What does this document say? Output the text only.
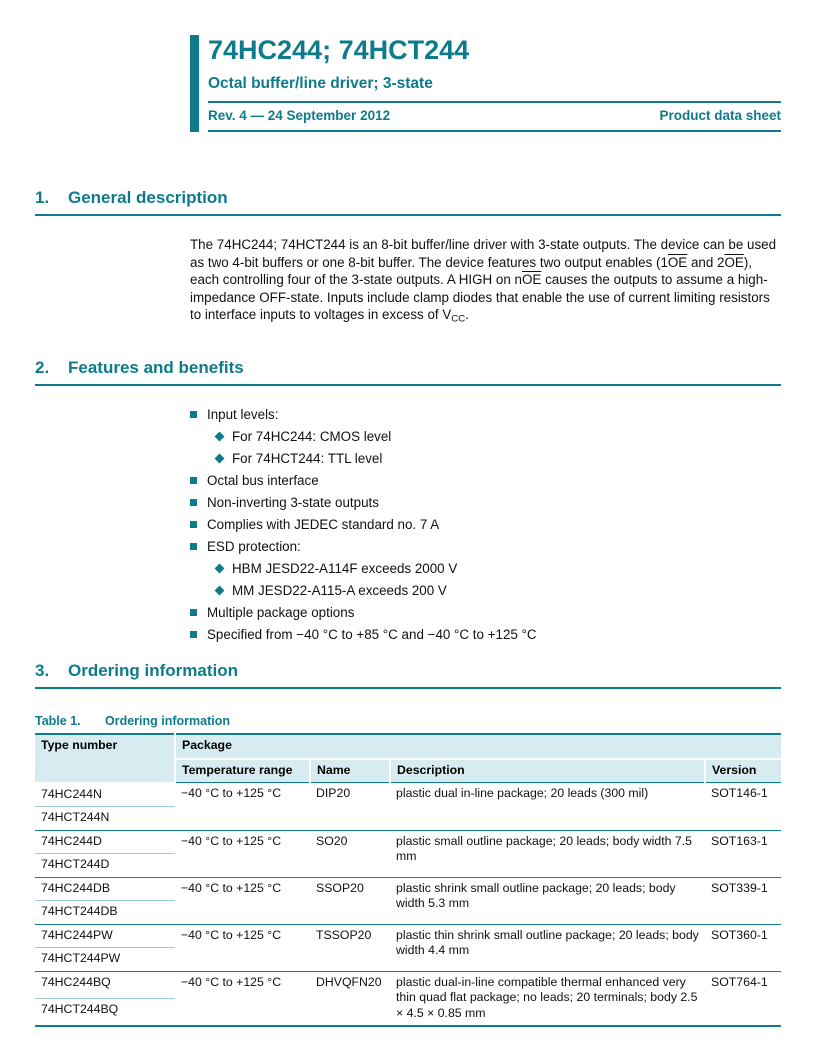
74HC244; 74HCT244
Octal buffer/line driver; 3-state
Rev. 4 — 24 September 2012	Product data sheet
1.	General description

The 74HC244; 74HCT244 is an 8-bit buffer/line driver with 3-state outputs. The device can be used as two 4-bit buffers or one 8-bit buffer. The device features two output enables ($1\overline{OE}$ and $2\overline{OE}$), each controlling four of the 3-state outputs. A HIGH on $n\overline{OE}$ causes the outputs to assume a high-impedance OFF-state. Inputs include clamp diodes that enable the use of current limiting resistors to interface inputs to voltages in excess of $V_{CC}$.

2.	Features and benefits
Input levels:
For 74HC244: CMOS level
For 74HCT244: TTL level
Octal bus interface
Non-inverting 3-state outputs
Complies with JEDEC standard no. 7 A
ESD protection:
HBM JESD22-A114F exceeds 2000 V
MM JESD22-A115-A exceeds 200 V
Multiple package options
Specified from −40 °C to +85 °C and −40 °C to +125 °C
3.	Ordering information
Table 1.	Ordering information
Type number	Package			
	Temperature range	Name	Description	Version
74HC244N	−40 °C to +125 °C	DIP20	plastic dual in-line package; 20 leads (300 mil)	SOT146-1
74HCT244N				
74HC244D	−40 °C to +125 °C	SO20	plastic small outline package; 20 leads; body width 7.5 mm	SOT163-1
74HCT244D				
74HC244DB	−40 °C to +125 °C	SSOP20	plastic shrink small outline package; 20 leads; body width 5.3 mm	SOT339-1
74HCT244DB				
74HC244PW	−40 °C to +125 °C	TSSOP20	plastic thin shrink small outline package; 20 leads; body width 4.4 mm	SOT360-1
74HCT244PW				
74HC244BQ	−40 °C to +125 °C	DHVQFN20	plastic dual-in-line compatible thermal enhanced very thin quad flat package; no leads; 20 terminals; body 2.5 × 4.5 × 0.85 mm	SOT764-1
74HCT244BQ				
